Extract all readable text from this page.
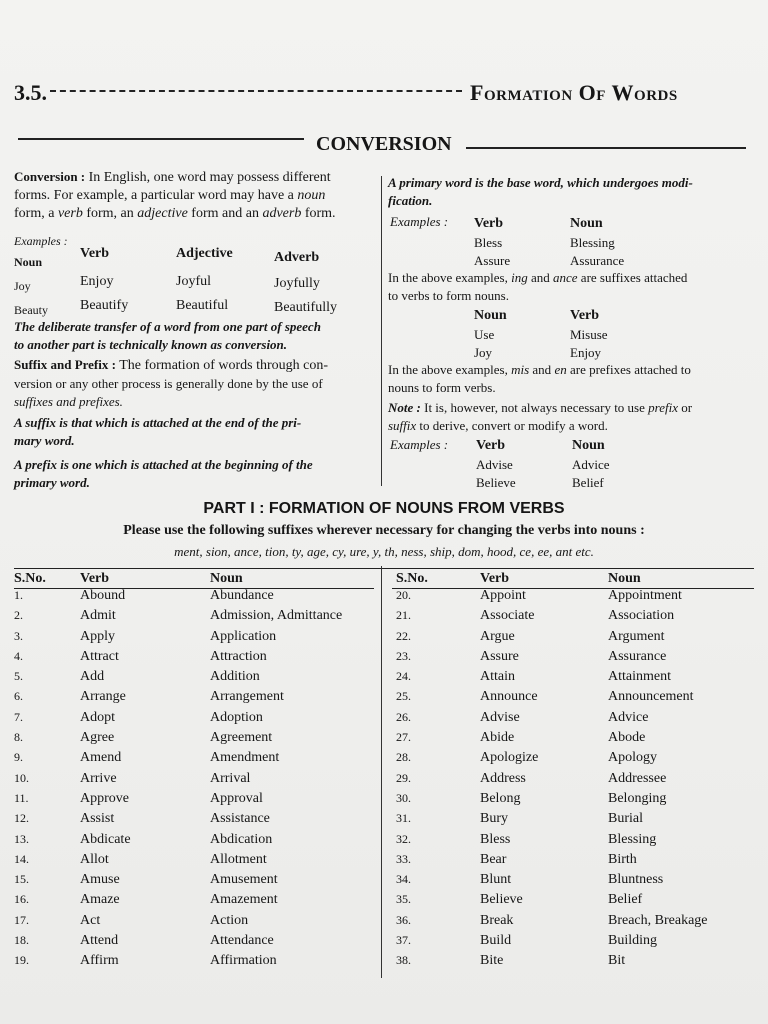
3.5.	Formation Of Words
CONVERSION
Conversion : In English, one word may possess different
forms. For example, a particular word may have a noun
form, a verb form, an adjective form and an adverb form.
Examples :
Noun	Verb	Adjective	Adverb
Joy	Enjoy	Joyful	Joyfully
Beauty	Beautify	Beautiful	Beautifully
The deliberate transfer of a word from one part of speech
to another part is technically known as conversion.
Suffix and Prefix : The formation of words through con-
version or any other process is generally done by the use of
suffixes and prefixes.
A suffix is that which is attached at the end of the pri-
mary word.
A prefix is one which is attached at the beginning of the
primary word.
A primary word is the base word, which undergoes modi-
fication.
Examples : Verb	Noun
Bless	Blessing
Assure	Assurance
In the above examples, ing and ance are suffixes attached
to verbs to form nouns.
Noun	Verb
Use	Misuse
Joy	Enjoy
In the above examples, mis and en are prefixes attached to
nouns to form verbs.
Note : It is, however, not always necessary to use prefix or
suffix to derive, convert or modify a word.
Examples : Verb	Noun
Advise	Advice
Believe	Belief
PART I : FORMATION OF NOUNS FROM VERBS
Please use the following suffixes wherever necessary for changing the verbs into nouns :
ment, sion, ance, tion, ty, age, cy, ure, y, th, ness, ship, dom, hood, ce, ee, ant etc.
S.No.	Verb	Noun
1.	Abound	Abundance
2.	Admit	Admission, Admittance
3.	Apply	Application
4.	Attract	Attraction
5.	Add	Addition
6.	Arrange	Arrangement
7.	Adopt	Adoption
8.	Agree	Agreement
9.	Amend	Amendment
10.	Arrive	Arrival
11.	Approve	Approval
12.	Assist	Assistance
13.	Abdicate	Abdication
14.	Allot	Allotment
15.	Amuse	Amusement
16.	Amaze	Amazement
17.	Act	Action
18.	Attend	Attendance
19.	Affirm	Affirmation
S.No.	Verb	Noun
20.	Appoint	Appointment
21.	Associate	Association
22.	Argue	Argument
23.	Assure	Assurance
24.	Attain	Attainment
25.	Announce	Announcement
26.	Advise	Advice
27.	Abide	Abode
28.	Apologize	Apology
29.	Address	Addressee
30.	Belong	Belonging
31.	Bury	Burial
32.	Bless	Blessing
33.	Bear	Birth
34.	Blunt	Bluntness
35.	Believe	Belief
36.	Break	Breach, Breakage
37.	Build	Building
38.	Bite	Bit
